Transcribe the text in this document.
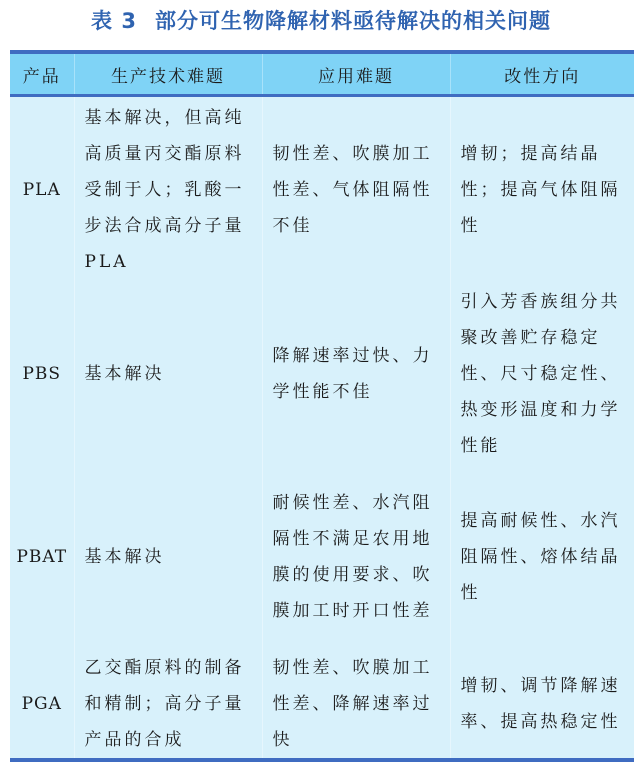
表 3 部分可生物降解材料亟待解决的相关问题
产品	生产技术难题	应用难题	改性方向
PLA	基本解决，但高纯高质量丙交酯原料受制于人；乳酸一步法合成高分子量 PLA	韧性差、吹膜加工性差、气体阻隔性不佳	增韧；提高结晶性；提高气体阻隔性

PBS	基本解决	降解速率过快、力学性能不佳	引入芳香族组分共聚改善贮存稳定性、尺寸稳定性、热变形温度和力学性能

PBAT	基本解决	耐候性差、水汽阻隔性不满足农用地膜的使用要求、吹膜加工时开口性差	提高耐候性、水汽阻隔性、熔体结晶性

PGA	乙交酯原料的制备和精制；高分子量产品的合成	韧性差、吹膜加工性差、降解速率过快	增韧、调节降解速率、提高热稳定性
